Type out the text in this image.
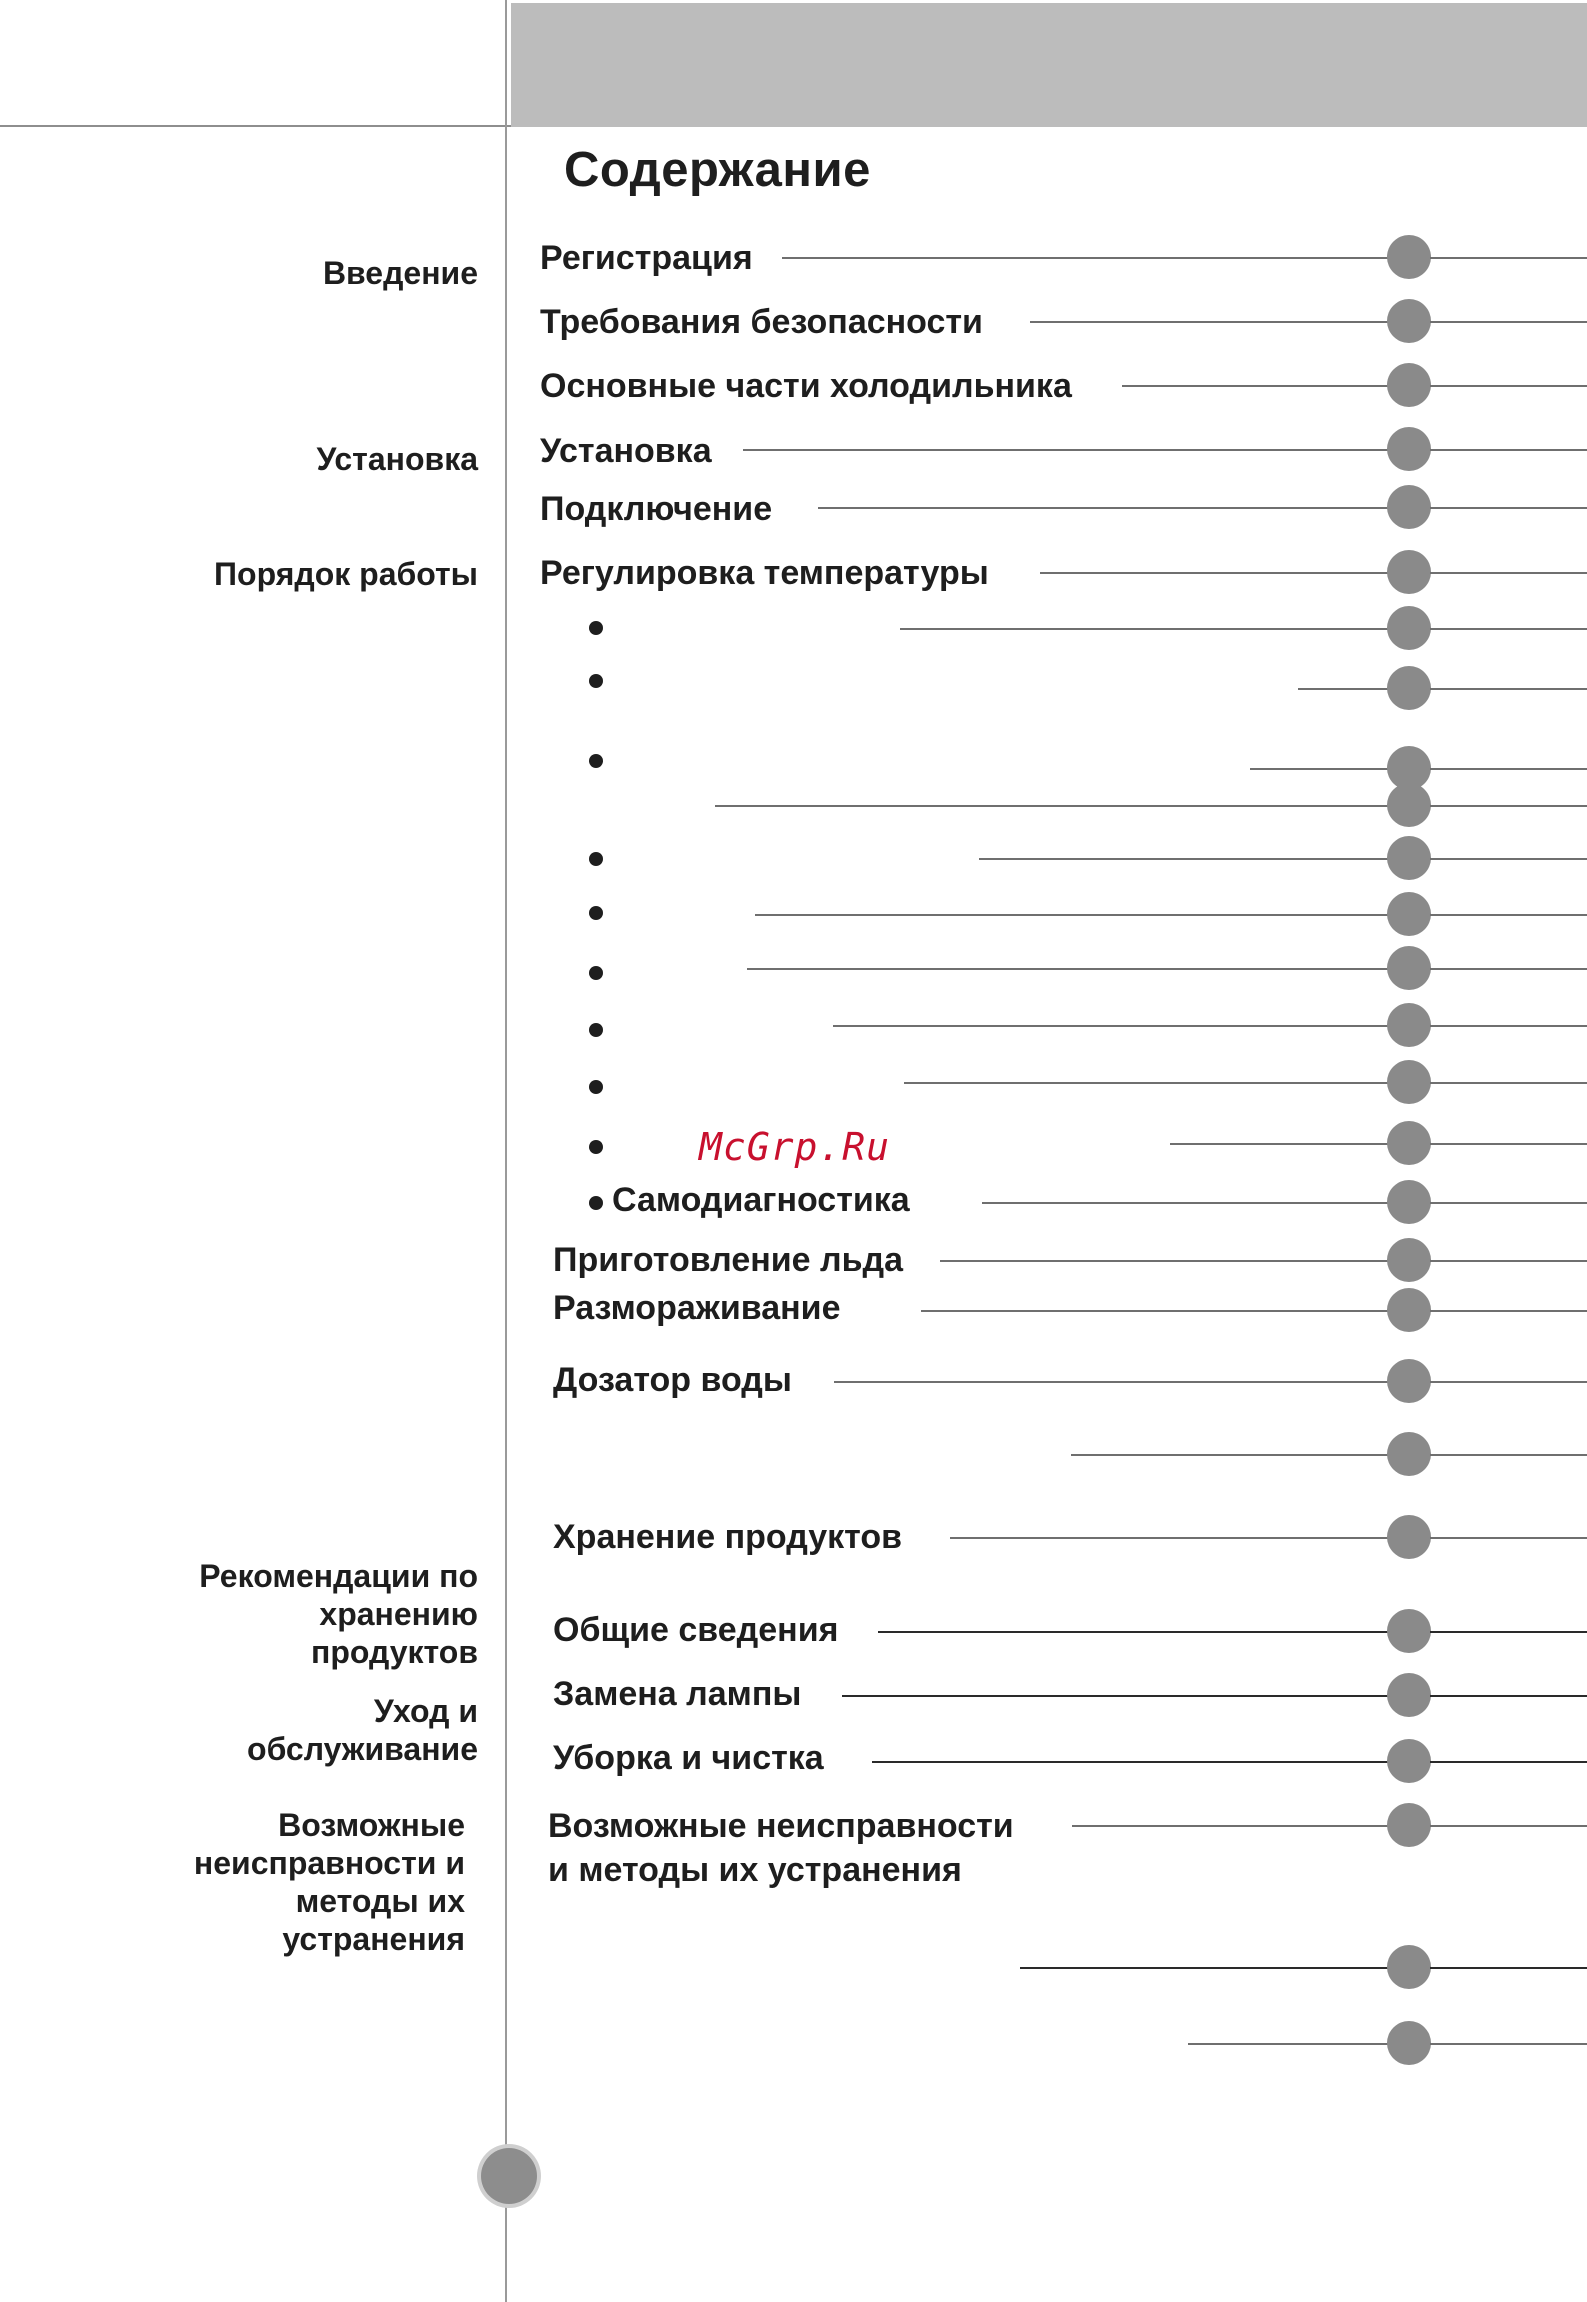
Содержание
Введение
Установка
Порядок работы
Рекомендации по хранению продуктов
Уход и обслуживание
Возможные неисправности и методы их устранения
Регистрация
Требования безопасности
Основные части холодильника
Установка
Подключение
Регулировка температуры
McGrp.Ru
Самодиагностика
Приготовление льда
Размораживание
Дозатор воды
Хранение продуктов
Общие сведения
Замена лампы
Уборка и чистка
Возможные неисправности
и методы их устранения
